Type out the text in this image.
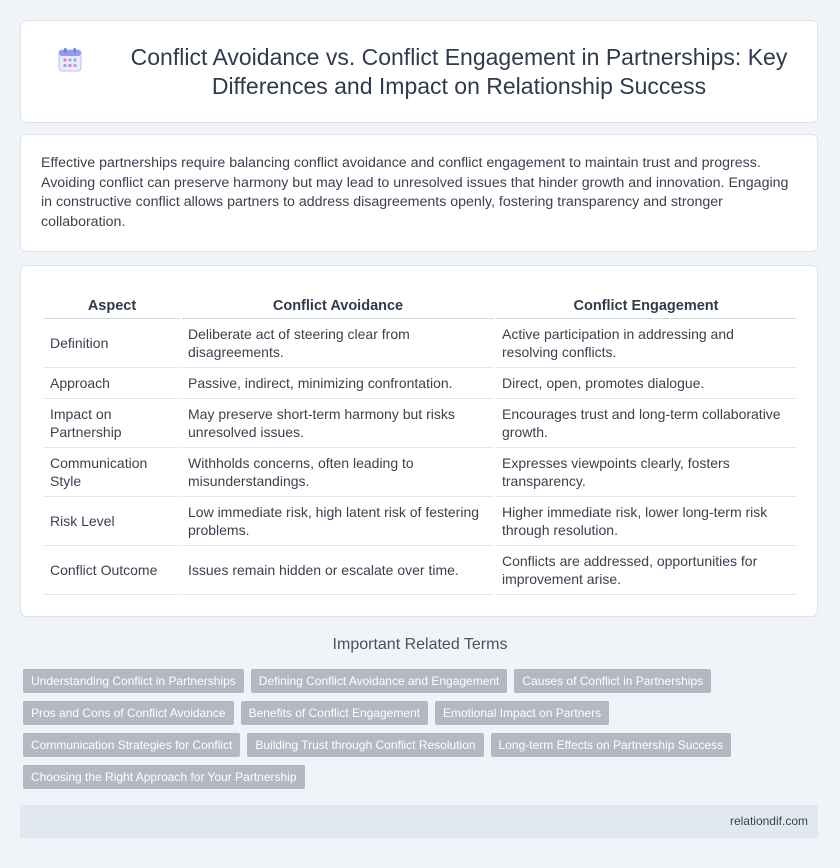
Conflict Avoidance vs. Conflict Engagement in Partnerships: Key Differences and Impact on Relationship Success

Effective partnerships require balancing conflict avoidance and conflict engagement to maintain trust and progress. Avoiding conflict can preserve harmony but may lead to unresolved issues that hinder growth and innovation. Engaging in constructive conflict allows partners to address disagreements openly, fostering transparency and stronger collaboration.

Aspect	Conflict Avoidance	Conflict Engagement
Definition	Deliberate act of steering clear from disagreements.	Active participation in addressing and resolving conflicts.
Approach	Passive, indirect, minimizing confrontation.	Direct, open, promotes dialogue.
Impact on Partnership	May preserve short-term harmony but risks unresolved issues.	Encourages trust and long-term collaborative growth.
Communication Style	Withholds concerns, often leading to misunderstandings.	Expresses viewpoints clearly, fosters transparency.
Risk Level	Low immediate risk, high latent risk of festering problems.	Higher immediate risk, lower long-term risk through resolution.
Conflict Outcome	Issues remain hidden or escalate over time.	Conflicts are addressed, opportunities for improvement arise.
Important Related Terms
Understanding Conflict in Partnerships	Defining Conflict Avoidance and Engagement	Causes of Conflict in Partnerships
Pros and Cons of Conflict Avoidance	Benefits of Conflict Engagement	Emotional Impact on Partners
Communication Strategies for Conflict	Building Trust through Conflict Resolution	Long-term Effects on Partnership Success
Choosing the Right Approach for Your Partnership
relationdif.com
